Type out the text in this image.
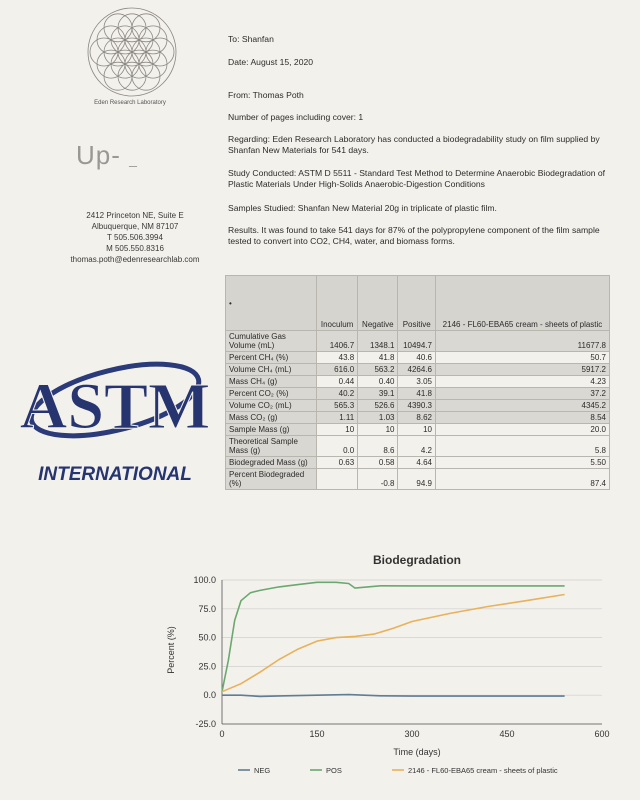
Eden Research Laboratory
Up- _
2412 Princeton NE, Suite E
Albuquerque, NM 87107
T 505.506.3994
M 505.550.8316
thomas.poth@edenresearchlab.com
ASTM
INTERNATIONAL

To: Shanfan

Date: August 15, 2020

From: Thomas Poth

Number of pages including cover: 1

Regarding: Eden Research Laboratory has conducted a biodegradability study on film supplied by Shanfan New Materials for 541 days.

Study Conducted: ASTM D 5511 - Standard Test Method to Determine Anaerobic Biodegradation of Plastic Materials Under High-Solids Anaerobic-Digestion Conditions

Samples Studied: Shanfan New Material 20g in triplicate of plastic film.

Results. It was found to take 541 days for 87% of the polypropylene component of the film sample tested to convert into CO2, CH4, water, and biomass forms.

•	Inoculum	Negative	Positive	2146 - FL60-EBA65 cream - sheets of plastic
Cumulative Gas Volume (mL)	1406.7	1348.1	10494.7	11677.8
Percent CH₄ (%)	43.8	41.8	40.6	50.7
Volume CH₄ (mL)	616.0	563.2	4264.6	5917.2
Mass CH₄ (g)	0.44	0.40	3.05	4.23
Percent CO₂ (%)	40.2	39.1	41.8	37.2
Volume CO₂ (mL)	565.3	526.6	4390.3	4345.2
Mass CO₂ (g)	1.11	1.03	8.62	8.54
Sample Mass (g)	10	10	10	20.0
Theoretical Sample Mass (g)	0.0	8.6	4.2	5.8
Biodegraded Mass (g)	0.63	0.58	4.64	5.50
Percent Biodegraded (%)		-0.8	94.9	87.4
Biodegradation
Percent (%)
Time (days)
-25.0
0.0
25.0
50.0
75.0
100.0
0	150	300	450	600
NEG	POS	2146 - FL60-EBA65 cream - sheets of plastic
